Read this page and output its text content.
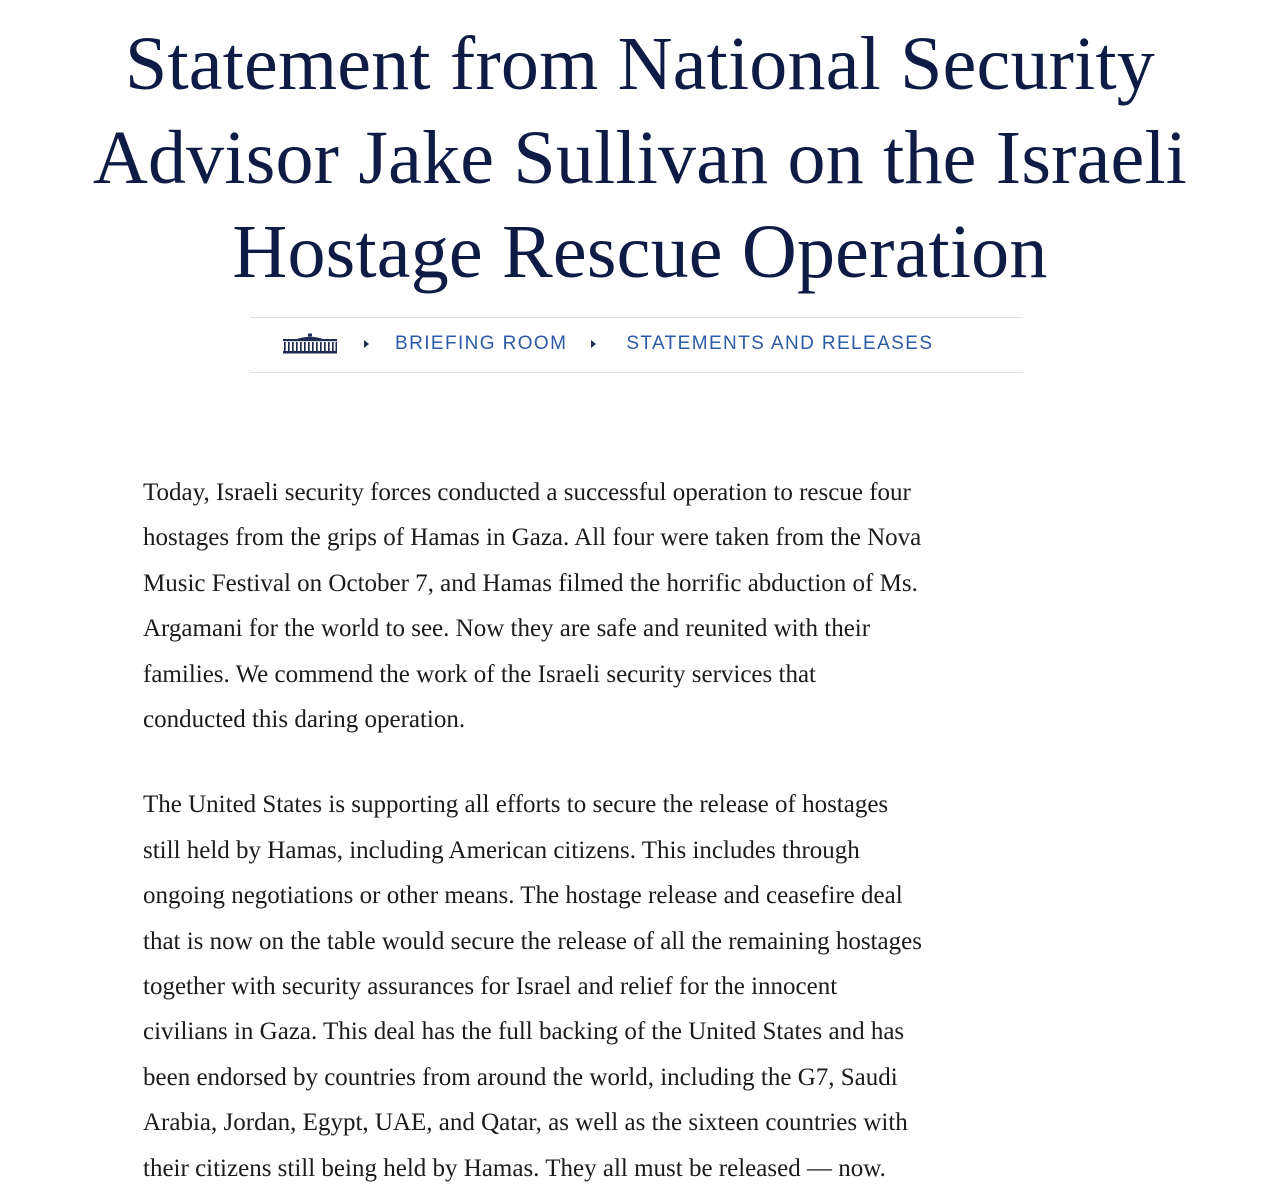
Statement from National Security
Advisor Jake Sullivan on the Israeli
Hostage Rescue Operation
BRIEFING ROOM	STATEMENTS AND RELEASES

Today, Israeli security forces conducted a successful operation to rescue four
hostages from the grips of Hamas in Gaza. All four were taken from the Nova
Music Festival on October 7, and Hamas filmed the horrific abduction of Ms.
Argamani for the world to see. Now they are safe and reunited with their
families. We commend the work of the Israeli security services that
conducted this daring operation.

The United States is supporting all efforts to secure the release of hostages
still held by Hamas, including American citizens. This includes through
ongoing negotiations or other means. The hostage release and ceasefire deal
that is now on the table would secure the release of all the remaining hostages
together with security assurances for Israel and relief for the innocent
civilians in Gaza. This deal has the full backing of the United States and has
been endorsed by countries from around the world, including the G7, Saudi
Arabia, Jordan, Egypt, UAE, and Qatar, as well as the sixteen countries with
their citizens still being held by Hamas. They all must be released — now.
